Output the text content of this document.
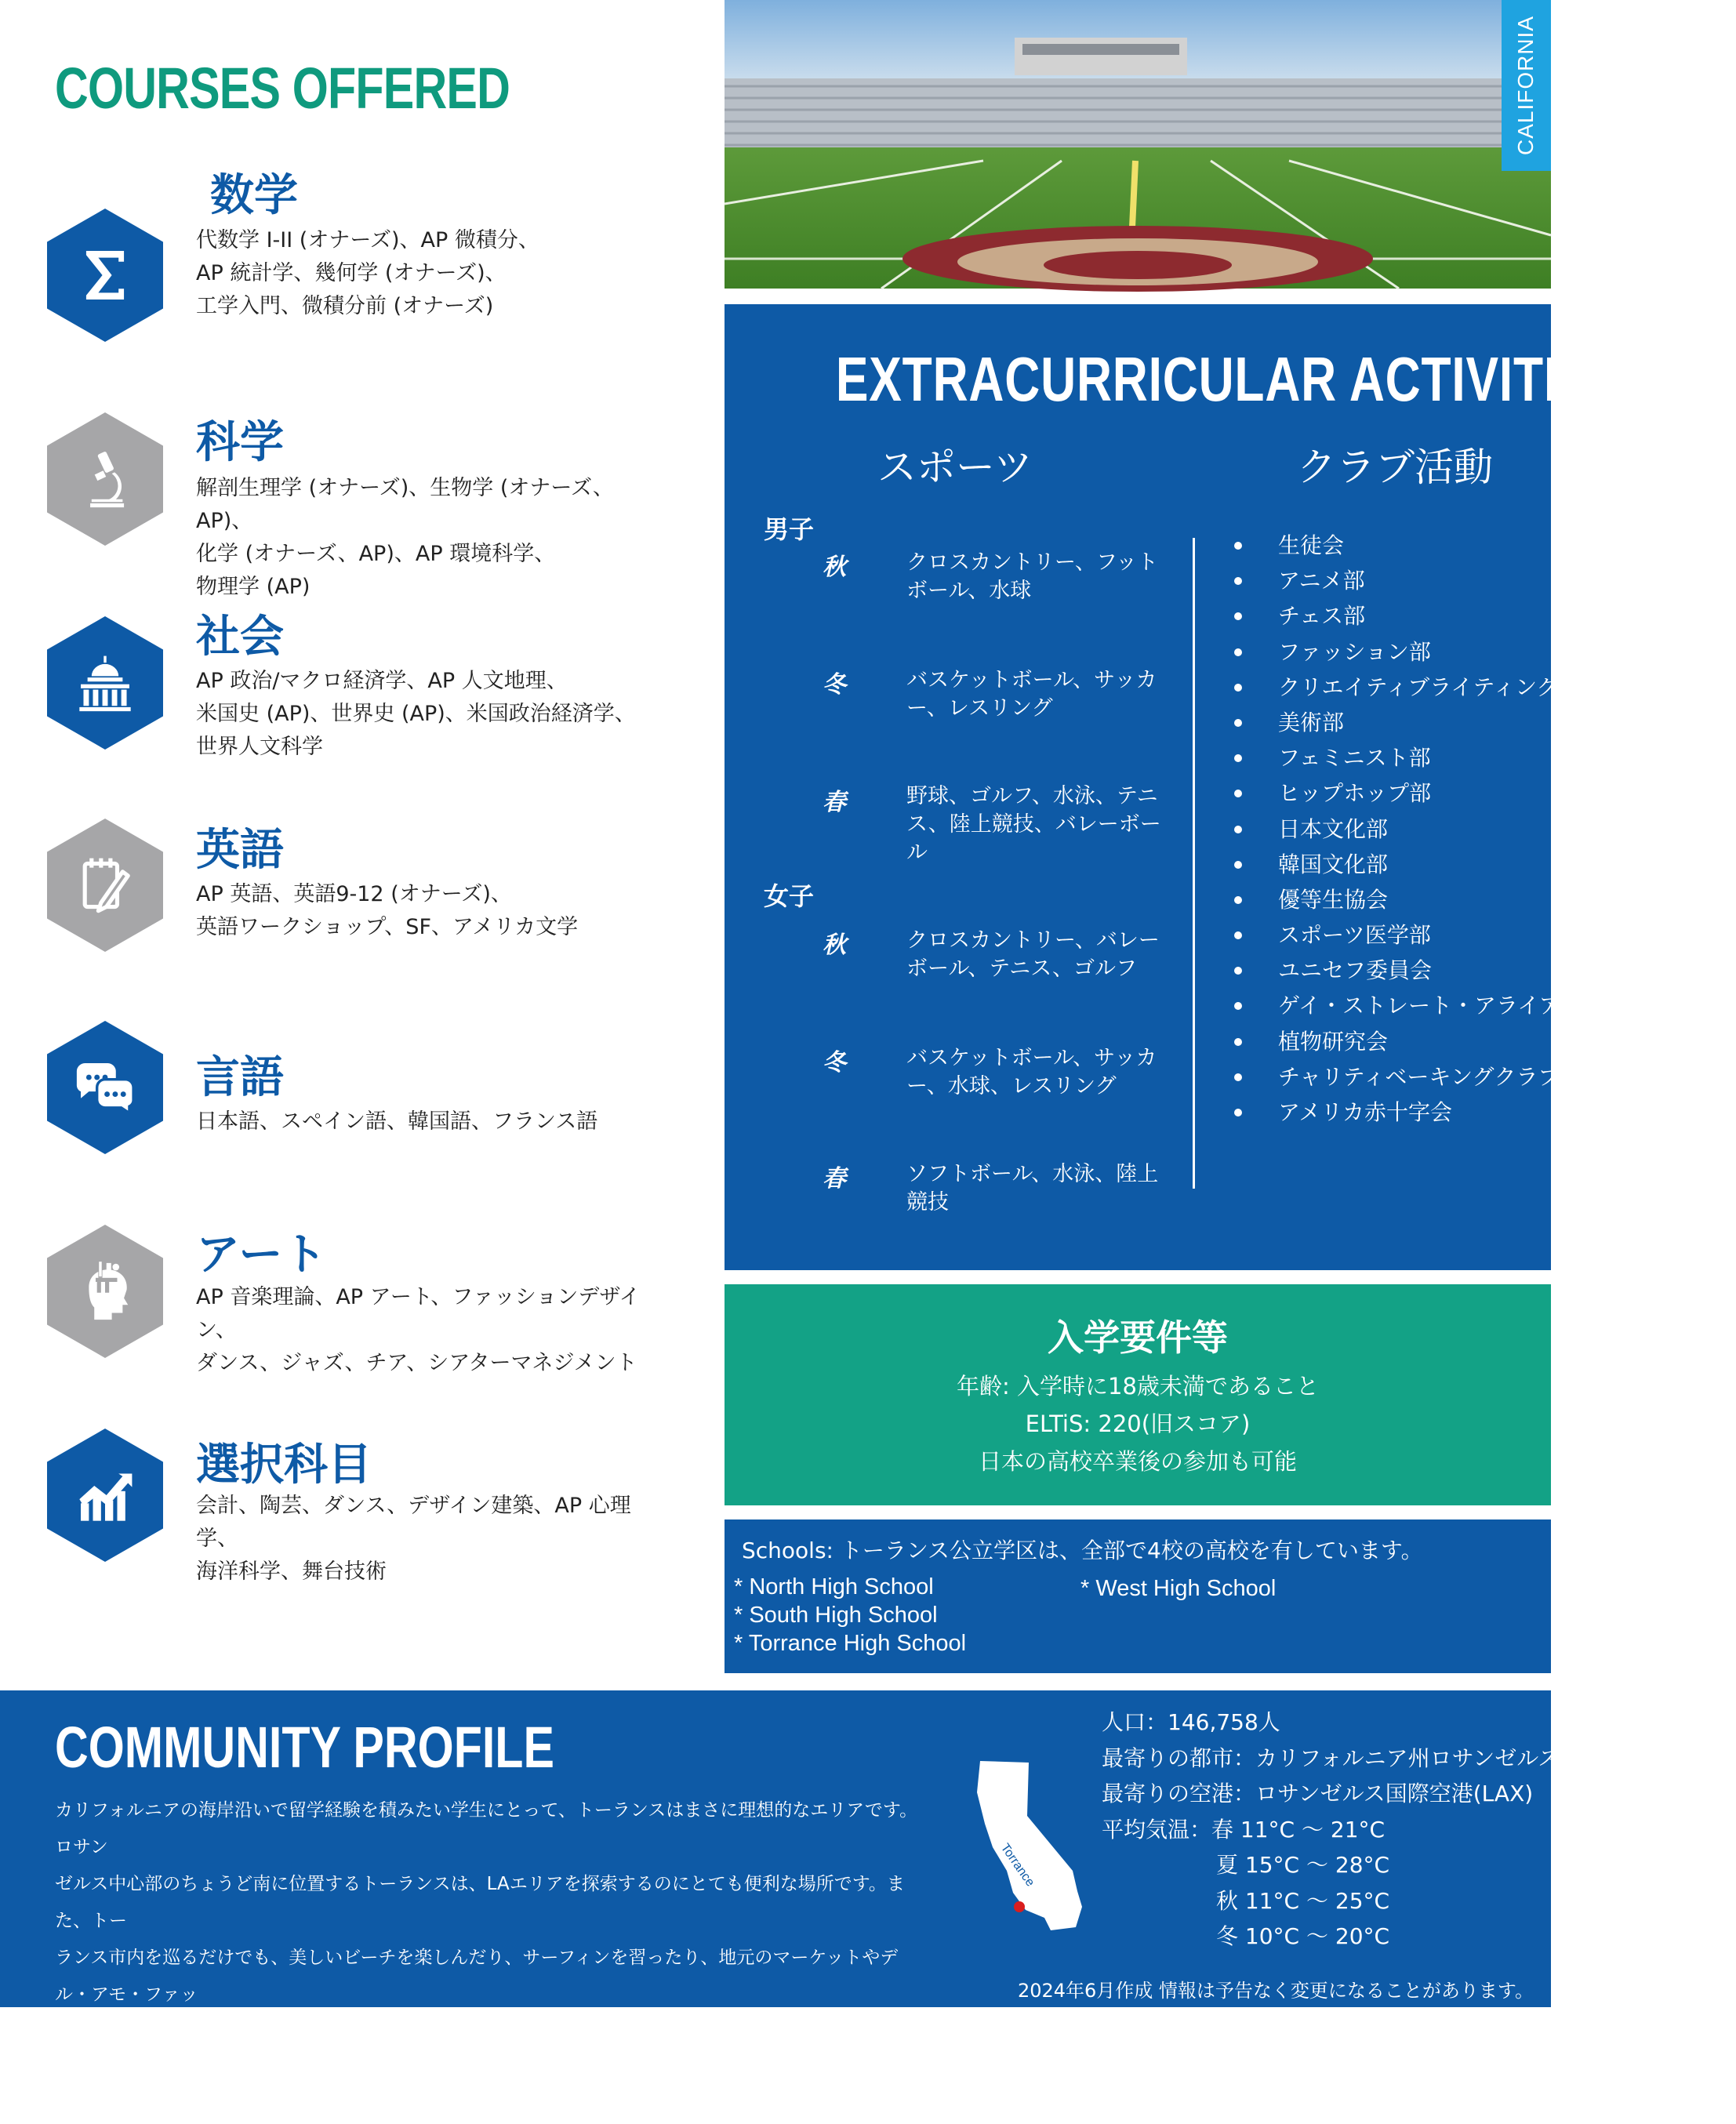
COURSES OFFERED
数学
代数学 I-II (オナーズ)、AP 微積分、
AP 統計学、幾何学 (オナーズ)、
工学入門、微積分前 (オナーズ)
科学
解剖生理学 (オナーズ)、生物学 (オナーズ、AP)、
化学 (オナーズ、AP)、AP 環境科学、
物理学 (AP)
社会
AP 政治/マクロ経済学、AP 人文地理、
米国史 (AP)、世界史 (AP)、米国政治経済学、
世界人文科学
英語
AP 英語、英語9-12 (オナーズ)、
英語ワークショップ、SF、アメリカ文学
言語
日本語、スペイン語、韓国語、フランス語
アート
AP 音楽理論、AP アート、ファッションデザイン、
ダンス、ジャズ、チア、シアターマネジメント
選択科目
会計、陶芸、ダンス、デザイン建築、AP 心理学、
海洋科学、舞台技術
CALIFORNIA
EXTRACURRICULAR ACTIVITIES
スポーツ	クラブ活動
男子
秋	クロスカントリー、フットボール、水球
冬	バスケットボール、サッカー、レスリング
春	野球、ゴルフ、水泳、テニス、陸上競技、バレーボール
女子
秋	クロスカントリー、バレーボール、テニス、ゴルフ
冬	バスケットボール、サッカー、水球、レスリング
春	ソフトボール、水泳、陸上競技
生徒会
アニメ部
チェス部
ファッション部
クリエイティブライティング
美術部
フェミニスト部
ヒップホップ部
日本文化部
韓国文化部
優等生協会
スポーツ医学部
ユニセフ委員会
ゲイ・ストレート・アライアンス
植物研究会
チャリティベーキングクラブ
アメリカ赤十字会
入学要件等
年齢: 入学時に18歳未満であること
ELTiS: 220(旧スコア)
日本の高校卒業後の参加も可能
Schools: トーランス公立学区は、全部で4校の高校を有しています。
* North High School
* South High School
* Torrance High School
* West High School
COMMUNITY PROFILE
カリフォルニアの海岸沿いで留学経験を積みたい学生にとって、トーランスはまさに理想的なエリアです。ロサン
ゼルス中心部のちょうど南に位置するトーランスは、LAエリアを探索するのにとても便利な場所です。また、トー
ランス市内を巡るだけでも、美しいビーチを楽しんだり、サーフィンを習ったり、地元のマーケットやデル・アモ・ファッ
ション・センターで買い物をしたり、さらには素晴らしいレストランで食事をしたりと、見どころやアクティビティに事
欠かず、ロサンゼルスでも有数の都市を満喫することができます。
Torrance
人口：146,758人
最寄りの都市：カリフォルニア州ロサンゼルス
最寄りの空港：ロサンゼルス国際空港(LAX)
平均気温：春 11°C ～ 21°C
夏 15°C ～ 28°C
秋 11°C ～ 25°C
冬 10°C ～ 20°C
2024年6月作成 情報は予告なく変更になることがあります。
